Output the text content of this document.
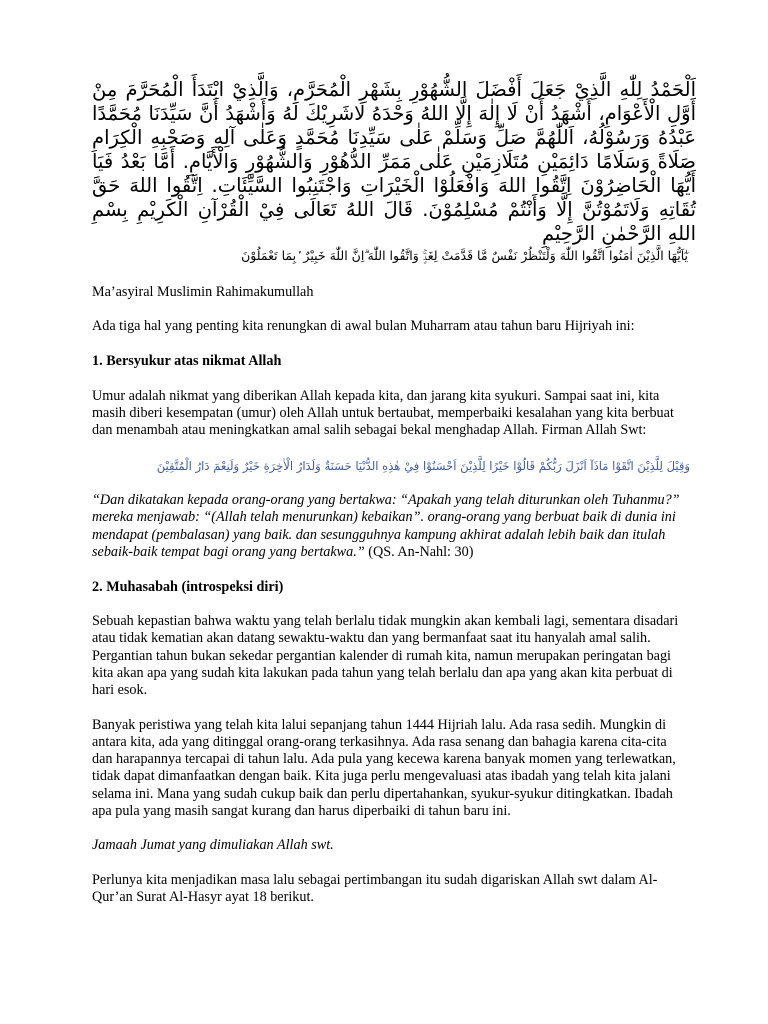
اَلْحَمْدُ لِلّٰهِ الَّذِيْ جَعَلَ أَفْضَلَ الشُّهُوْرِ بِشَهْرِ الْمُحَرَّمِ، وَالَّذِيْ ابْتَدَأَ الْمُحَرَّمَ مِنْ أَوَّلِ الْأَعْوَامِ، أَشْهَدُ أَنْ لَا إِلٰهَ إِلَّا اللهُ وَحْدَهُ لَاشَرِيْكَ لَهُ وَأَشْهَدُ أَنَّ سَيِّدَنَا مُحَمَّدًا عَبْدُهُ وَرَسُوْلُهُ، اَللّٰهُمَّ صَلِّ وَسَلِّمْ عَلٰى سَيِّدِنَا مُحَمَّدٍ وَعَلٰى آلِهِ وَصَحْبِهِ الْكِرَامِ صَلَاةً وَسَلَامًا دَائِمَيْنِ مُتَلَازِمَيْنِ عَلٰى مَمَرِّ الدُّهُوْرِ وَالشُّهُوْرِ وَالْأَيَّامِ. أَمَّا بَعْدُ فَيَا أَيُّهَا الْحَاضِرُوْنَ اِتَّقُوا اللهَ وَافْعَلُوْا الْخَيْرَاتِ وَاجْتَنِبُوا السَّيِّئَاتِ. اِتَّقُوا اللهَ حَقَّ تُقَاتِهِ وَلَاتَمُوْتُنَّ إِلَّا وَأَنْتُمْ مُسْلِمُوْنَ. قَالَ اللهُ تَعَالَى فِيْ الْقُرْآنِ الْكَرِيْمِ بِسْمِ اللهِ الرَّحْمٰنِ الرَّحِيْمِ

يٰٓاَيُّهَا الَّذِيْنَ اٰمَنُوا اتَّقُوا اللّٰهَ وَلْتَنْظُرْ نَفْسٌ مَّا قَدَّمَتْ لِغَدٍۚ وَاتَّقُوا اللّٰهَ ۗاِنَّ اللّٰهَ خَبِيْرٌ ۢبِمَا تَعْمَلُوْنَ

Ma’asyiral Muslimin Rahimakumullah

Ada tiga hal yang penting kita renungkan di awal bulan Muharram atau tahun baru Hijriyah ini:

1. Bersyukur atas nikmat Allah

Umur adalah nikmat yang diberikan Allah kepada kita, dan jarang kita syukuri. Sampai saat ini, kita masih diberi kesempatan (umur) oleh Allah untuk bertaubat, memperbaiki kesalahan yang kita berbuat dan menambah atau meningkatkan amal salih sebagai bekal menghadap Allah. Firman Allah Swt:

وَقِيْلَ لِلَّذِيْنَ اتَّقَوْا مَاذَآ اَنْزَلَ رَبُّكُمْ قَالُوْا خَيْرًا لِلَّذِيْنَ اَحْسَنُوْا فِيْ هٰذِهِ الدُّنْيَا حَسَنَةٌ وَلَدَارُ الْاٰخِرَةِ خَيْرٌ وَلَنِعْمَ دَارُ الْمُتَّقِيْنَ

“Dan dikatakan kepada orang-orang yang bertakwa: “Apakah yang telah diturunkan oleh Tuhanmu?” mereka menjawab: “(Allah telah menurunkan) kebaikan”. orang-orang yang berbuat baik di dunia ini mendapat (pembalasan) yang baik. dan sesungguhnya kampung akhirat adalah lebih baik dan itulah sebaik-baik tempat bagi orang yang bertakwa.” (QS. An-Nahl: 30)

2. Muhasabah (introspeksi diri)

Sebuah kepastian bahwa waktu yang telah berlalu tidak mungkin akan kembali lagi, sementara disadari atau tidak kematian akan datang sewaktu-waktu dan yang bermanfaat saat itu hanyalah amal salih. Pergantian tahun bukan sekedar pergantian kalender di rumah kita, namun merupakan peringatan bagi kita akan apa yang sudah kita lakukan pada tahun yang telah berlalu dan apa yang akan kita perbuat di hari esok.

Banyak peristiwa yang telah kita lalui sepanjang tahun 1444 Hijriah lalu. Ada rasa sedih. Mungkin di antara kita, ada yang ditinggal orang-orang terkasihnya. Ada rasa senang dan bahagia karena cita-cita dan harapannya tercapai di tahun lalu. Ada pula yang kecewa karena banyak momen yang terlewatkan, tidak dapat dimanfaatkan dengan baik. Kita juga perlu mengevaluasi atas ibadah yang telah kita jalani selama ini. Mana yang sudah cukup baik dan perlu dipertahankan, syukur-syukur ditingkatkan. Ibadah apa pula yang masih sangat kurang dan harus diperbaiki di tahun baru ini.

Jamaah Jumat yang dimuliakan Allah swt.

Perlunya kita menjadikan masa lalu sebagai pertimbangan itu sudah digariskan Allah swt dalam Al-Qur’an Surat Al-Hasyr ayat 18 berikut.
